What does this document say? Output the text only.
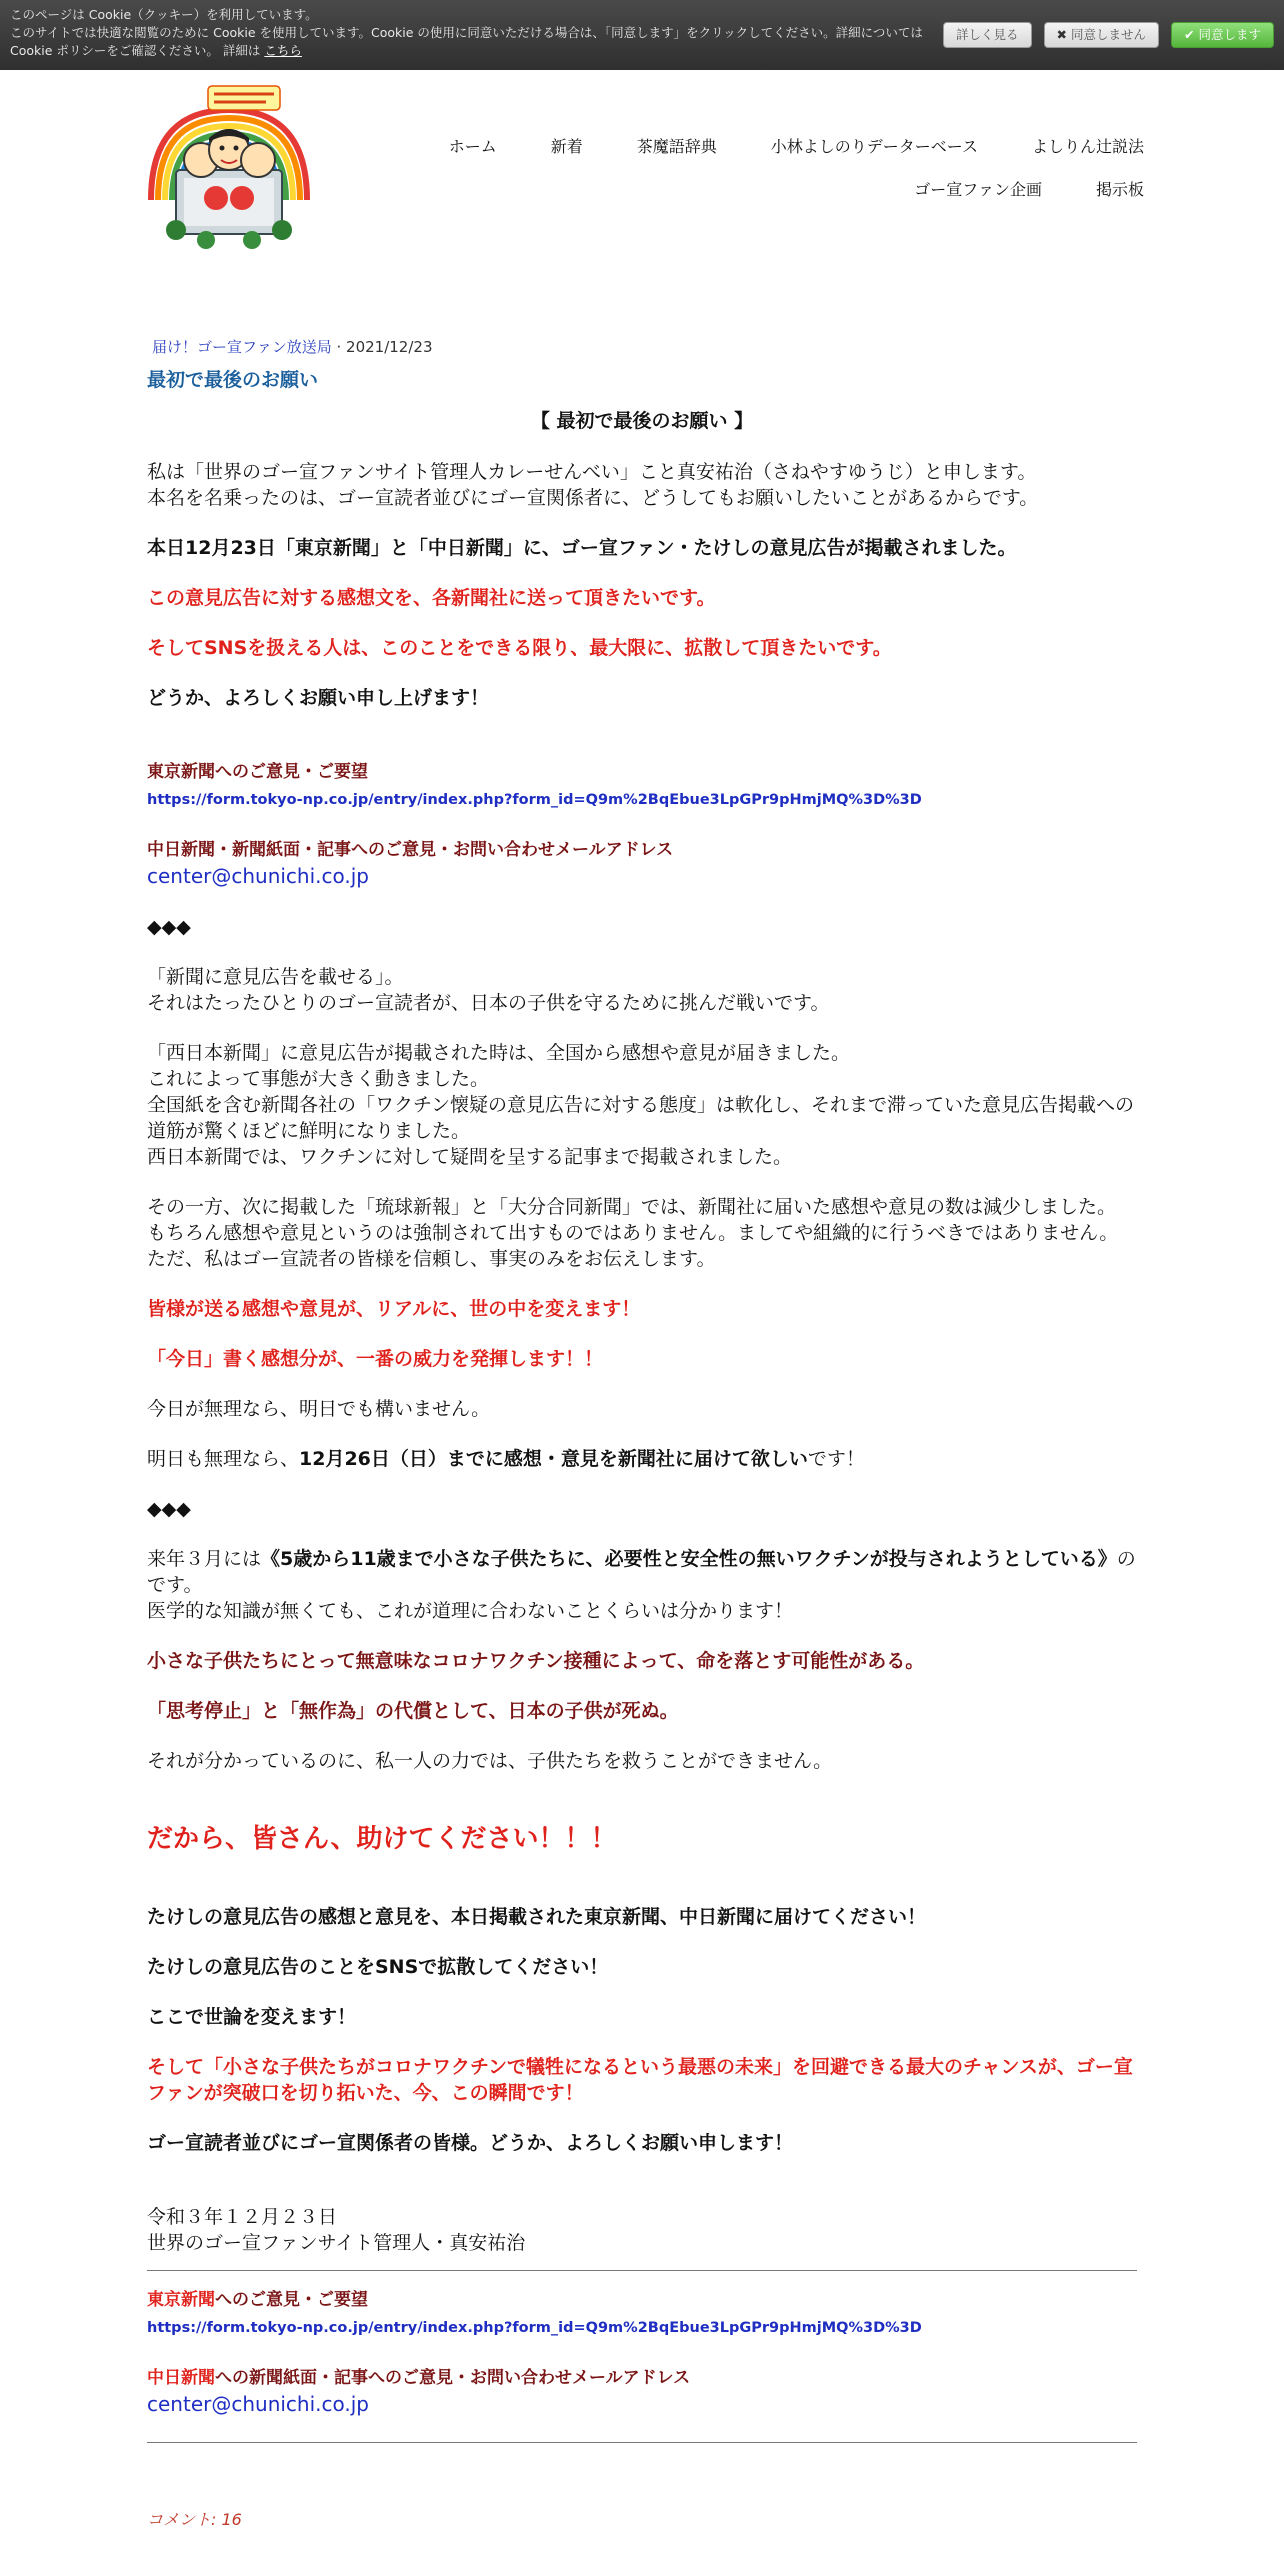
このページは Cookie（クッキー）を利用しています。
このサイトでは快適な閲覧のために Cookie を使用しています。Cookie の使用に同意いただける場合は、「同意します」をクリックしてください。詳細については Cookie ポリシーをご確認ください。 詳細は こちら
詳しく見る	✖ 同意しません	✔ 同意します
ホーム	新着	茶魔語辞典	小林よしのりデーターベース	よしりん辻説法
ゴー宣ファン企画	掲示板
届け！ゴー宣ファン放送局 · 2021/12/23
最初で最後のお願い
【 最初で最後のお願い 】

私は「世界のゴー宣ファンサイト管理人カレーせんべい」こと真安祐治（さねやすゆうじ）と申します。

本名を名乗ったのは、ゴー宣読者並びにゴー宣関係者に、どうしてもお願いしたいことがあるからです。

本日12月23日「東京新聞」と「中日新聞」に、ゴー宣ファン・たけしの意見広告が掲載されました。

この意見広告に対する感想文を、各新聞社に送って頂きたいです。

そしてSNSを扱える人は、このことをできる限り、最大限に、拡散して頂きたいです。

どうか、よろしくお願い申し上げます！

東京新聞へのご意見・ご要望

https://form.tokyo-np.co.jp/entry/index.php?form_id=Q9m%2BqEbue3LpGPr9pHmjMQ%3D%3D

中日新聞・新聞紙面・記事へのご意見・お問い合わせメールアドレス

center@chunichi.co.jp

◆◆◆

「新聞に意見広告を載せる」。

それはたったひとりのゴー宣読者が、日本の子供を守るために挑んだ戦いです。

「西日本新聞」に意見広告が掲載された時は、全国から感想や意見が届きました。

これによって事態が大きく動きました。

全国紙を含む新聞各社の「ワクチン懐疑の意見広告に対する態度」は軟化し、それまで滞っていた意見広告掲載への道筋が驚くほどに鮮明になりました。

西日本新聞では、ワクチンに対して疑問を呈する記事まで掲載されました。

その一方、次に掲載した「琉球新報」と「大分合同新聞」では、新聞社に届いた感想や意見の数は減少しました。

もちろん感想や意見というのは強制されて出すものではありません。ましてや組織的に行うべきではありません。

ただ、私はゴー宣読者の皆様を信頼し、事実のみをお伝えします。

皆様が送る感想や意見が、リアルに、世の中を変えます！

「今日」書く感想分が、一番の威力を発揮します！！

今日が無理なら、明日でも構いません。

明日も無理なら、12月26日（日）までに感想・意見を新聞社に届けて欲しいです！

◆◆◆

来年３月には《5歳から11歳まで小さな子供たちに、必要性と安全性の無いワクチンが投与されようとしている》のです。

医学的な知識が無くても、これが道理に合わないことくらいは分かります！

小さな子供たちにとって無意味なコロナワクチン接種によって、命を落とす可能性がある。

「思考停止」と「無作為」の代償として、日本の子供が死ぬ。

それが分かっているのに、私一人の力では、子供たちを救うことができません。

だから、皆さん、助けてください！！！

たけしの意見広告の感想と意見を、本日掲載された東京新聞、中日新聞に届けてください！

たけしの意見広告のことをSNSで拡散してください！

ここで世論を変えます！

そして「小さな子供たちがコロナワクチンで犠牲になるという最悪の未来」を回避できる最大のチャンスが、ゴー宣ファンが突破口を切り拓いた、今、この瞬間です！

ゴー宣読者並びにゴー宣関係者の皆様。どうか、よろしくお願い申します！

令和３年１２月２３日

世界のゴー宣ファンサイト管理人・真安祐治

東京新聞へのご意見・ご要望

https://form.tokyo-np.co.jp/entry/index.php?form_id=Q9m%2BqEbue3LpGPr9pHmjMQ%3D%3D

中日新聞への新聞紙面・記事へのご意見・お問い合わせメールアドレス

center@chunichi.co.jp

コメント: 16
